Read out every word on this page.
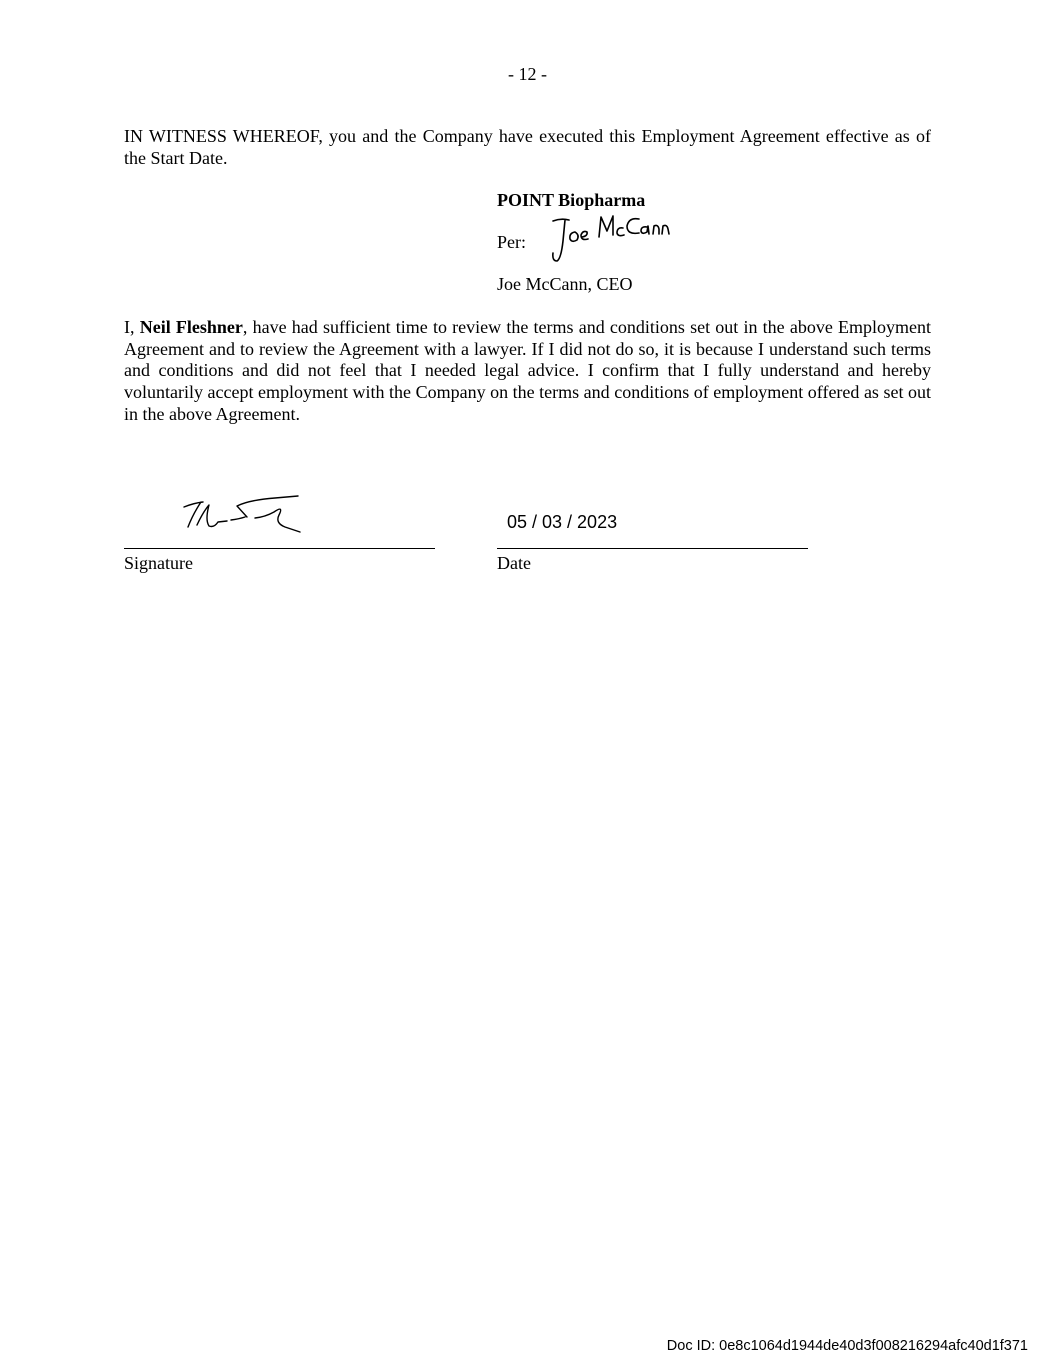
- 12 -

IN WITNESS WHEREOF, you and the Company have executed this Employment Agreement effective as of the Start Date.

POINT Biopharma

Per:

Joe McCann, CEO

I, Neil Fleshner, have had sufficient time to review the terms and conditions set out in the above Employment Agreement and to review the Agreement with a lawyer. If I did not do so, it is because I understand such terms and conditions and did not feel that I needed legal advice. I confirm that I fully understand and hereby voluntarily accept employment with the Company on the terms and conditions of employment offered as set out in the above Agreement.

Signature
05 / 03 / 2023
Date
Doc ID: 0e8c1064d1944de40d3f008216294afc40d1f371
